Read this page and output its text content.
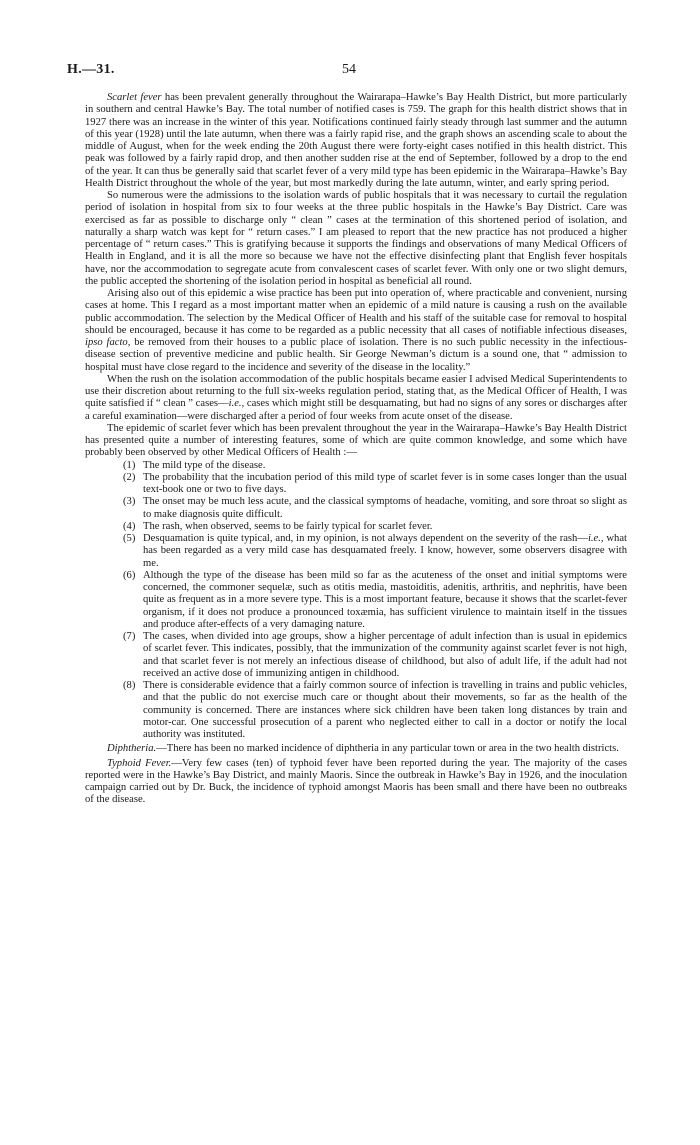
H.—31.	54

Scarlet fever has been prevalent generally throughout the Wairarapa–Hawke’s Bay Health District, but more particularly in southern and central Hawke’s Bay. The total number of notified cases is 759. The graph for this health district shows that in 1927 there was an increase in the winter of this year. Notifications continued fairly steady through last summer and the autumn of this year (1928) until the late autumn, when there was a fairly rapid rise, and the graph shows an ascending scale to about the middle of August, when for the week ending the 20th August there were forty-eight cases notified in this health district. This peak was followed by a fairly rapid drop, and then another sudden rise at the end of September, followed by a drop to the end of the year. It can thus be generally said that scarlet fever of a very mild type has been epidemic in the Wairarapa–Hawke’s Bay Health District throughout the whole of the year, but most markedly during the late autumn, winter, and early spring period.

So numerous were the admissions to the isolation wards of public hospitals that it was necessary to curtail the regulation period of isolation in hospital from six to four weeks at the three public hospitals in the Hawke’s Bay District. Care was exercised as far as possible to discharge only “ clean ” cases at the termination of this shortened period of isolation, and naturally a sharp watch was kept for “ return cases.” I am pleased to report that the new practice has not produced a higher percentage of “ return cases.” This is gratifying because it supports the findings and observations of many Medical Officers of Health in England, and it is all the more so because we have not the effective disinfecting plant that English fever hospitals have, nor the accommodation to segregate acute from convalescent cases of scarlet fever. With only one or two slight demurs, the public accepted the shortening of the isolation period in hospital as beneficial all round.

Arising also out of this epidemic a wise practice has been put into operation of, where practicable and convenient, nursing cases at home. This I regard as a most important matter when an epidemic of a mild nature is causing a rush on the available public accommodation. The selection by the Medical Officer of Health and his staff of the suitable case for removal to hospital should be encouraged, because it has come to be regarded as a public necessity that all cases of notifiable infectious diseases, ipso facto, be removed from their houses to a public place of isolation. There is no such public necessity in the infectious-disease section of preventive medicine and public health. Sir George Newman’s dictum is a sound one, that “ admission to hospital must have close regard to the incidence and severity of the disease in the locality.”

When the rush on the isolation accommodation of the public hospitals became easier I advised Medical Superintendents to use their discretion about returning to the full six-weeks regulation period, stating that, as the Medical Officer of Health, I was quite satisfied if “ clean ” cases—i.e., cases which might still be desquamating, but had no signs of any sores or discharges after a careful examination—were discharged after a period of four weeks from acute onset of the disease.

The epidemic of scarlet fever which has been prevalent throughout the year in the Wairarapa–Hawke’s Bay Health District has presented quite a number of interesting features, some of which are quite common knowledge, and some which have probably been observed by other Medical Officers of Health :—

(1) The mild type of the disease.
(2) The probability that the incubation period of this mild type of scarlet fever is in some cases longer than the usual text-book one or two to five days.
(3) The onset may be much less acute, and the classical symptoms of headache, vomiting, and sore throat so slight as to make diagnosis quite difficult.
(4) The rash, when observed, seems to be fairly typical for scarlet fever.
(5) Desquamation is quite typical, and, in my opinion, is not always dependent on the severity of the rash—i.e., what has been regarded as a very mild case has desquamated freely. I know, however, some observers disagree with me.
(6) Although the type of the disease has been mild so far as the acuteness of the onset and initial symptoms were concerned, the commoner sequelæ, such as otitis media, mastoiditis, adenitis, arthritis, and nephritis, have been quite as frequent as in a more severe type. This is a most important feature, because it shows that the scarlet-fever organism, if it does not produce a pronounced toxæmia, has sufficient virulence to maintain itself in the tissues and produce after-effects of a very damaging nature.
(7) The cases, when divided into age groups, show a higher percentage of adult infection than is usual in epidemics of scarlet fever. This indicates, possibly, that the immunization of the community against scarlet fever is not high, and that scarlet fever is not merely an infectious disease of childhood, but also of adult life, if the adult had not received an active dose of immunizing antigen in childhood.
(8) There is considerable evidence that a fairly common source of infection is travelling in trains and public vehicles, and that the public do not exercise much care or thought about their movements, so far as the health of the community is concerned. There are instances where sick children have been taken long distances by train and motor-car. One successful prosecution of a parent who neglected either to call in a doctor or notify the local authority was instituted.

Diphtheria.—There has been no marked incidence of diphtheria in any particular town or area in the two health districts.

Typhoid Fever.—Very few cases (ten) of typhoid fever have been reported during the year. The majority of the cases reported were in the Hawke’s Bay District, and mainly Maoris. Since the outbreak in Hawke’s Bay in 1926, and the inoculation campaign carried out by Dr. Buck, the incidence of typhoid amongst Maoris has been small and there have been no outbreaks of the disease.
